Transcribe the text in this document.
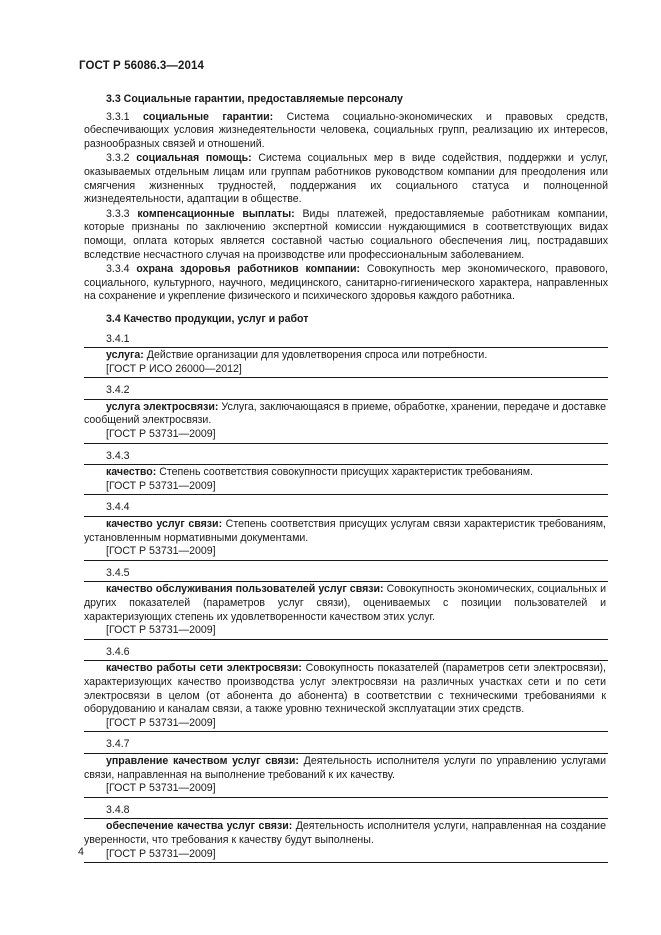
ГОСТ Р 56086.3—2014
3.3 Социальные гарантии, предоставляемые персоналу

3.3.1 социальные гарантии: Система социально-экономических и правовых средств, обеспечивающих условия жизнедеятельности человека, социальных групп, реализацию их интересов, разнообразных связей и отношений.

3.3.2 социальная помощь: Система социальных мер в виде содействия, поддержки и услуг, оказываемых отдельным лицам или группам работников руководством компании для преодоления или смягчения жизненных трудностей, поддержания их социального статуса и полноценной жизнедеятельности, адаптации в обществе.

3.3.3 компенсационные выплаты: Виды платежей, предоставляемые работникам компании, которые признаны по заключению экспертной комиссии нуждающимися в соответствующих видах помощи, оплата которых является составной частью социального обеспечения лиц, пострадавших вследствие несчастного случая на производстве или профессиональным заболеванием.

3.3.4 охрана здоровья работников компании: Совокупность мер экономического, правового, социального, культурного, научного, медицинского, санитарно-гигиенического характера, направленных на сохранение и укрепление физического и психического здоровья каждого работника.

3.4 Качество продукции, услуг и работ
3.4.1

услуга: Действие организации для удовлетворения спроса или потребности.

[ГОСТ Р ИСО 26000—2012]
3.4.2

услуга электросвязи: Услуга, заключающаяся в приеме, обработке, хранении, передаче и доставке сообщений электросвязи.

[ГОСТ Р 53731—2009]
3.4.3

качество: Степень соответствия совокупности присущих характеристик требованиям.

[ГОСТ Р 53731—2009]
3.4.4

качество услуг связи: Степень соответствия присущих услугам связи характеристик требованиям, установленным нормативными документами.

[ГОСТ Р 53731—2009]
3.4.5

качество обслуживания пользователей услуг связи: Совокупность экономических, социальных и других показателей (параметров услуг связи), оцениваемых с позиции пользователей и характеризующих степень их удовлетворенности качеством этих услуг.

[ГОСТ Р 53731—2009]
3.4.6

качество работы сети электросвязи: Совокупность показателей (параметров сети электросвязи), характеризующих качество производства услуг электросвязи на различных участках сети и по сети электросвязи в целом (от абонента до абонента) в соответствии с техническими требованиями к оборудованию и каналам связи, а также уровню технической эксплуатации этих средств.

[ГОСТ Р 53731—2009]
3.4.7

управление качеством услуг связи: Деятельность исполнителя услуги по управлению услугами связи, направленная на выполнение требований к их качеству.

[ГОСТ Р 53731—2009]
3.4.8

обеспечение качества услуг связи: Деятельность исполнителя услуги, направленная на создание уверенности, что требования к качеству будут выполнены.

[ГОСТ Р 53731—2009]
4
